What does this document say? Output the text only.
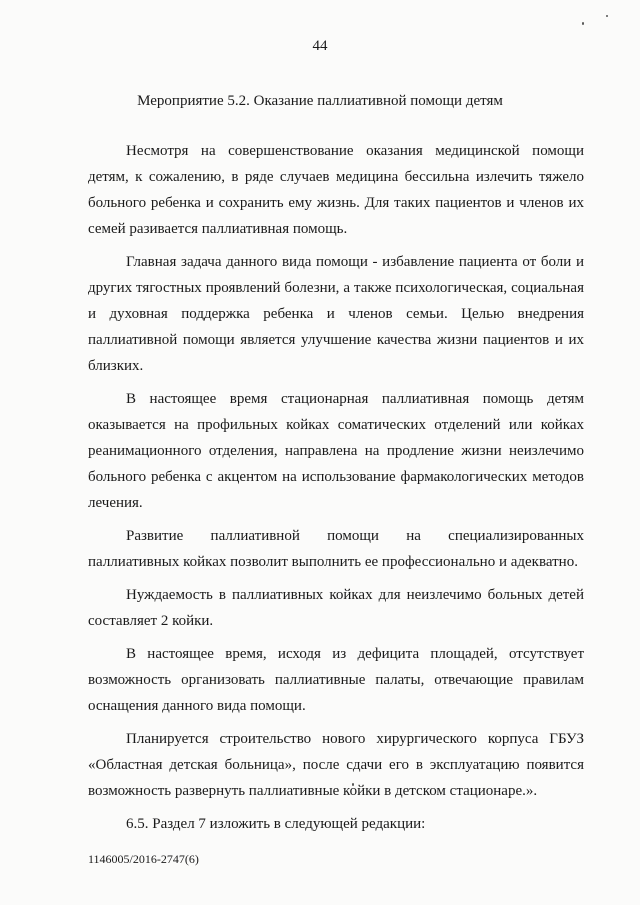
44
Мероприятие 5.2. Оказание паллиативной помощи детям

Несмотря на совершенствование оказания медицинской помощи детям, к сожалению, в ряде случаев медицина бессильна излечить тяжело больного ребенка и сохранить ему жизнь. Для таких пациентов и членов их семей разивается паллиативная помощь.

Главная задача данного вида помощи - избавление пациента от боли и других тягостных проявлений болезни, а также психологическая, социальная и духовная поддержка ребенка и членов семьи. Целью внедрения паллиативной помощи является улучшение качества жизни пациентов и их близких.

В настоящее время стационарная паллиативная помощь детям оказывается на профильных койках соматических отделений или койках реанимационного отделения, направлена на продление жизни неизлечимо больного ребенка с акцентом на использование фармакологических методов лечения.

Развитие паллиативной помощи на специализированных паллиативных койках позволит выполнить ее профессионально и адекватно.

Нуждаемость в паллиативных койках для неизлечимо больных детей составляет 2 койки.

В настоящее время, исходя из дефицита площадей, отсутствует возможность организовать паллиативные палаты, отвечающие правилам оснащения данного вида помощи.

Планируется строительство нового хирургического корпуса ГБУЗ «Областная детская больница», после сдачи его в эксплуатацию появится возможность развернуть паллиативные койки в детском стационаре.».

6.5. Раздел 7 изложить в следующей редакции:

1146005/2016-2747(6)
